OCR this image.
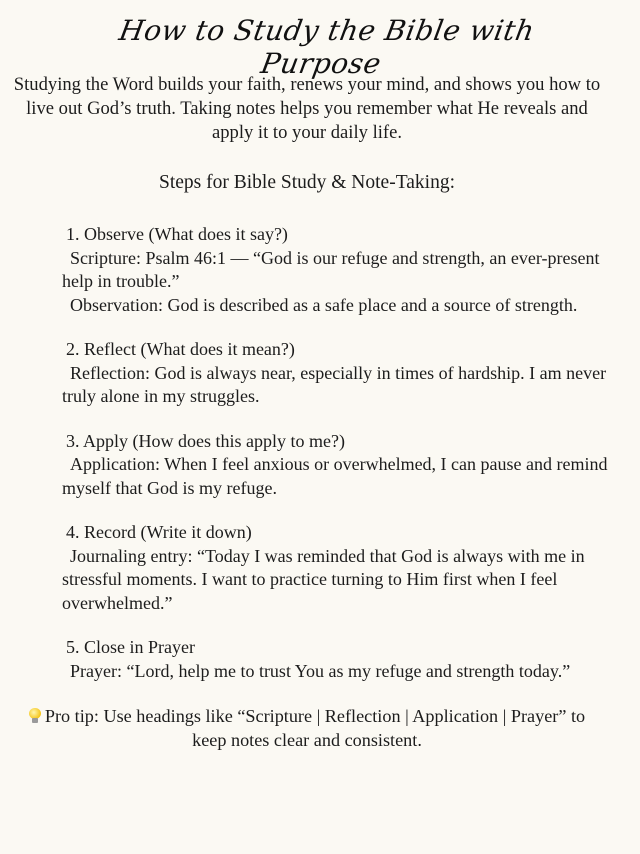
How to Study the Bible with Purpose

Studying the Word builds your faith, renews your mind, and shows you how to live out God’s truth. Taking notes helps you remember what He reveals and apply it to your daily life.

Steps for Bible Study & Note-Taking:
1. Observe (What does it say?)
Scripture: Psalm 46:1 — “God is our refuge and strength, an ever-present help in trouble.”
Observation: God is described as a safe place and a source of strength.
2. Reflect (What does it mean?)
Reflection: God is always near, especially in times of hardship. I am never truly alone in my struggles.
3. Apply (How does this apply to me?)
Application: When I feel anxious or overwhelmed, I can pause and remind myself that God is my refuge.
4. Record (Write it down)
Journaling entry: “Today I was reminded that God is always with me in stressful moments. I want to practice turning to Him first when I feel overwhelmed.”
5. Close in Prayer
Prayer: “Lord, help me to trust You as my refuge and strength today.”
Pro tip: Use headings like “Scripture | Reflection | Application | Prayer” to keep notes clear and consistent.
